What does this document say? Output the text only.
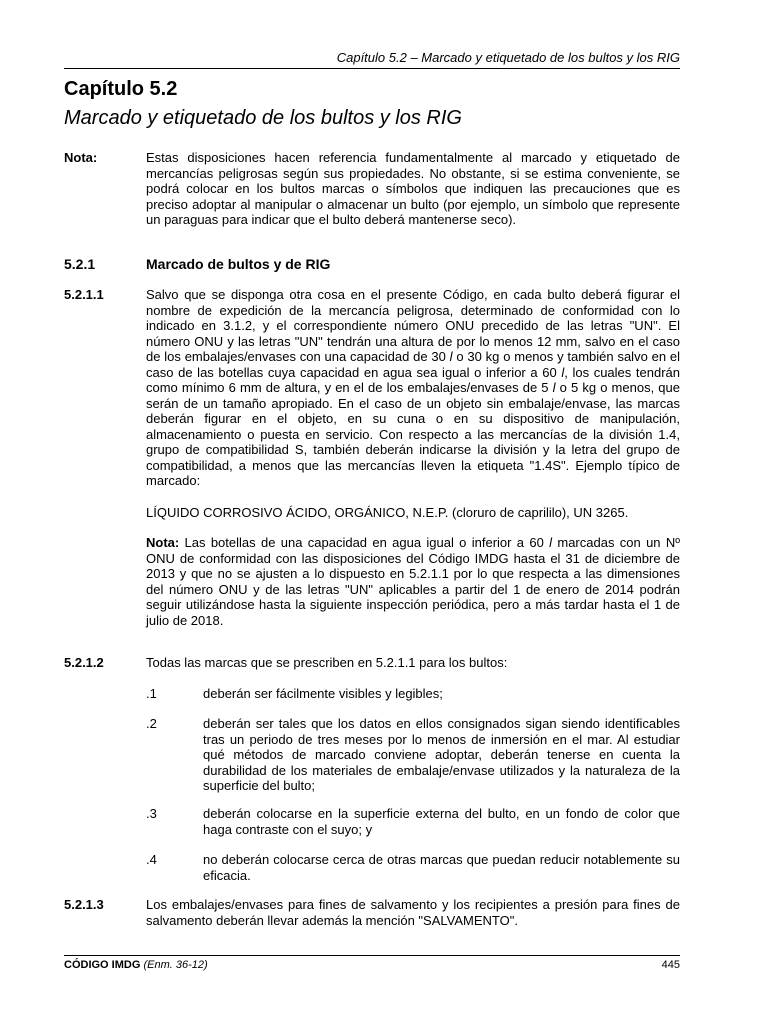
Capítulo 5.2 – Marcado y etiquetado de los bultos y los RIG
Capítulo 5.2
Marcado y etiquetado de los bultos y los RIG
Nota:	Estas disposiciones hacen referencia fundamentalmente al marcado y etiquetado de mercancías peligrosas según sus propiedades. No obstante, si se estima conveniente, se podrá colocar en los bultos marcas o símbolos que indiquen las precauciones que es preciso adoptar al manipular o almacenar un bulto (por ejemplo, un símbolo que represente un paraguas para indicar que el bulto deberá mantenerse seco).
5.2.1	Marcado de bultos y de RIG
5.2.1.1	Salvo que se disponga otra cosa en el presente Código, en cada bulto deberá figurar el nombre de expedición de la mercancía peligrosa, determinado de conformidad con lo indicado en 3.1.2, y el correspondiente número ONU precedido de las letras "UN". El número ONU y las letras "UN" tendrán una altura de por lo menos 12 mm, salvo en el caso de los embalajes/envases con una capacidad de 30 l o 30 kg o menos y también salvo en el caso de las botellas cuya capacidad en agua sea igual o inferior a 60 l, los cuales tendrán como mínimo 6 mm de altura, y en el de los embalajes/envases de 5 l o 5 kg o menos, que serán de un tamaño apropiado. En el caso de un objeto sin embalaje/envase, las marcas deberán figurar en el objeto, en su cuna o en su dispositivo de manipulación, almacenamiento o puesta en servicio. Con respecto a las mercancías de la división 1.4, grupo de compatibilidad S, también deberán indicarse la división y la letra del grupo de compatibilidad, a menos que las mercancías lleven la etiqueta "1.4S". Ejemplo típico de marcado:

LÍQUIDO CORROSIVO ÁCIDO, ORGÁNICO, N.E.P. (cloruro de caprililo), UN 3265.

Nota: Las botellas de una capacidad en agua igual o inferior a 60 l marcadas con un Nº ONU de conformidad con las disposiciones del Código IMDG hasta el 31 de diciembre de 2013 y que no se ajusten a lo dispuesto en 5.2.1.1 por lo que respecta a las dimensiones del número ONU y de las letras "UN" aplicables a partir del 1 de enero de 2014 podrán seguir utilizándose hasta la siguiente inspección periódica, pero a más tardar hasta el 1 de julio de 2018.

5.2.1.2	Todas las marcas que se prescriben en 5.2.1.1 para los bultos:
.1	deberán ser fácilmente visibles y legibles;
.2	deberán ser tales que los datos en ellos consignados sigan siendo identificables tras un periodo de tres meses por lo menos de inmersión en el mar. Al estudiar qué métodos de marcado conviene adoptar, deberán tenerse en cuenta la durabilidad de los materiales de embalaje/envase utilizados y la naturaleza de la superficie del bulto;
.3	deberán colocarse en la superficie externa del bulto, en un fondo de color que haga contraste con el suyo; y
.4	no deberán colocarse cerca de otras marcas que puedan reducir notablemente su eficacia.
5.2.1.3	Los embalajes/envases para fines de salvamento y los recipientes a presión para fines de salvamento deberán llevar además la mención "SALVAMENTO".
CÓDIGO IMDG (Enm. 36-12)	445
